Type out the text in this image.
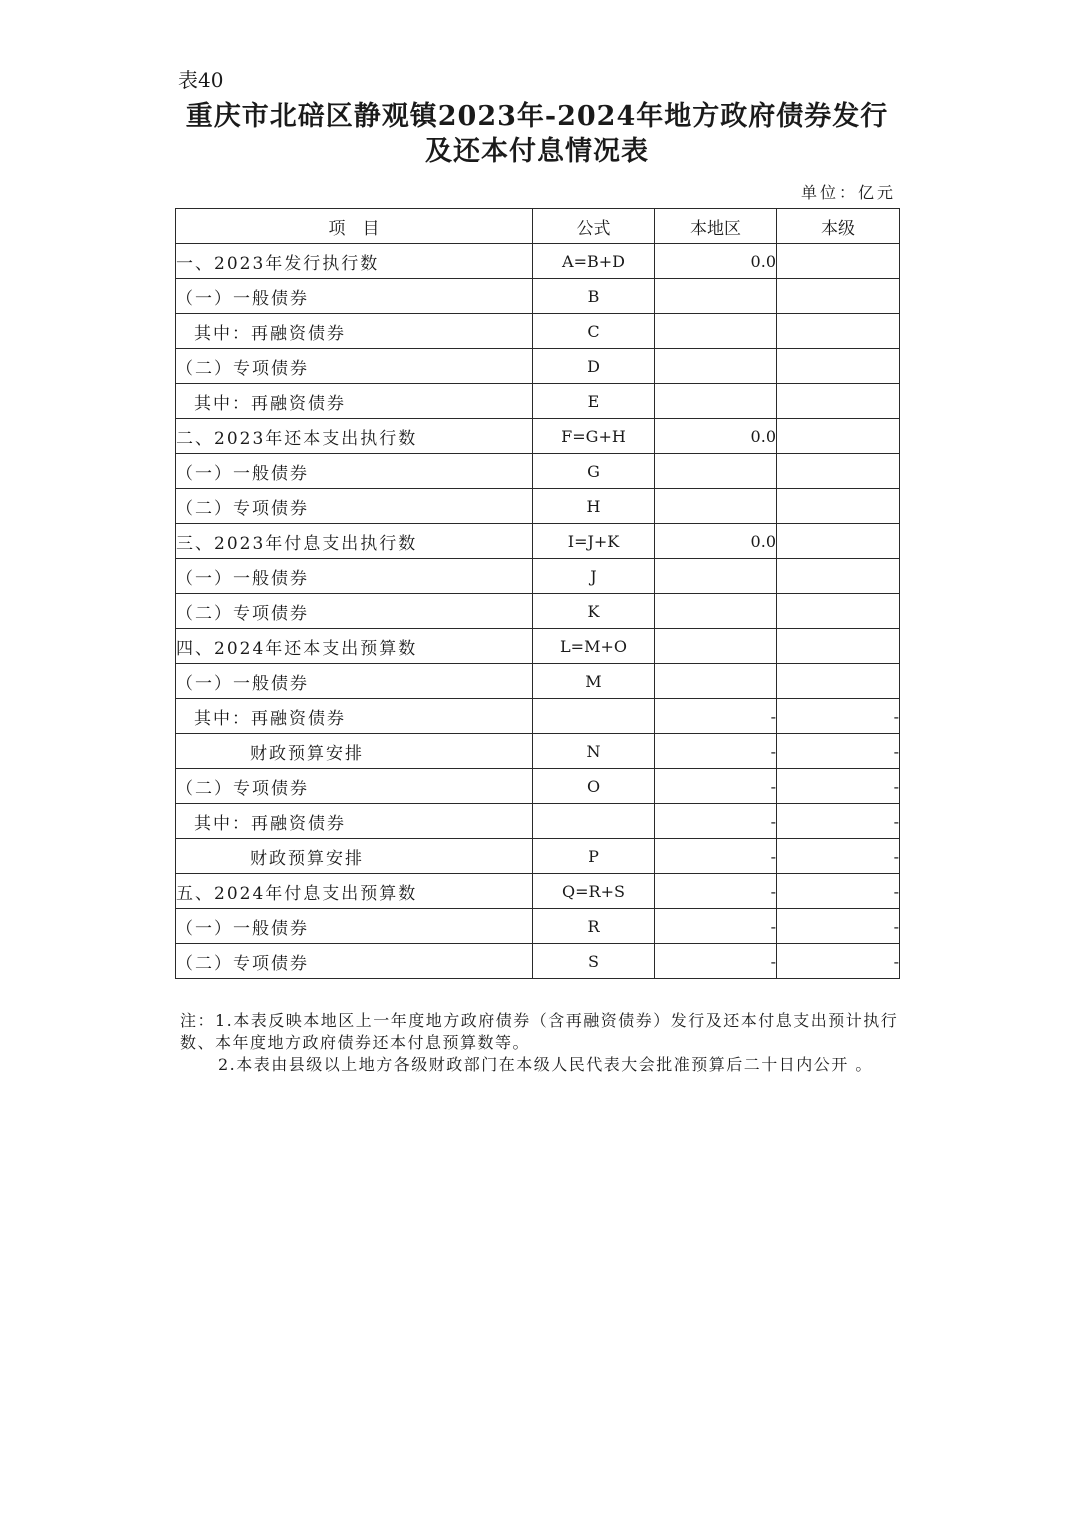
表40
重庆市北碚区静观镇2023年-2024年地方政府债券发行
及还本付息情况表
单位：亿元
项　目	公式	本地区	本级
一、2023年发行执行数	A=B+D	0.0	
（一）一般债券	B		
其中：再融资债券	C		
（二）专项债券	D		
其中：再融资债券	E		
二、2023年还本支出执行数	F=G+H	0.0	
（一）一般债券	G		
（二）专项债券	H		
三、2023年付息支出执行数	I=J+K	0.0	
（一）一般债券	J		
（二）专项债券	K		
四、2024年还本支出预算数	L=M+O		
（一）一般债券	M		
其中：再融资债券		-	-
财政预算安排	N	-	-
（二）专项债券	O	-	-
其中：再融资债券		-	-
财政预算安排	P	-	-
五、2024年付息支出预算数	Q=R+S	-	-
（一）一般债券	R	-	-
（二）专项债券	S	-	-
注：1.本表反映本地区上一年度地方政府债券（含再融资债券）发行及还本付息支出预计执行数、本年度地方政府债券还本付息预算数等。
2.本表由县级以上地方各级财政部门在本级人民代表大会批准预算后二十日内公开 。
